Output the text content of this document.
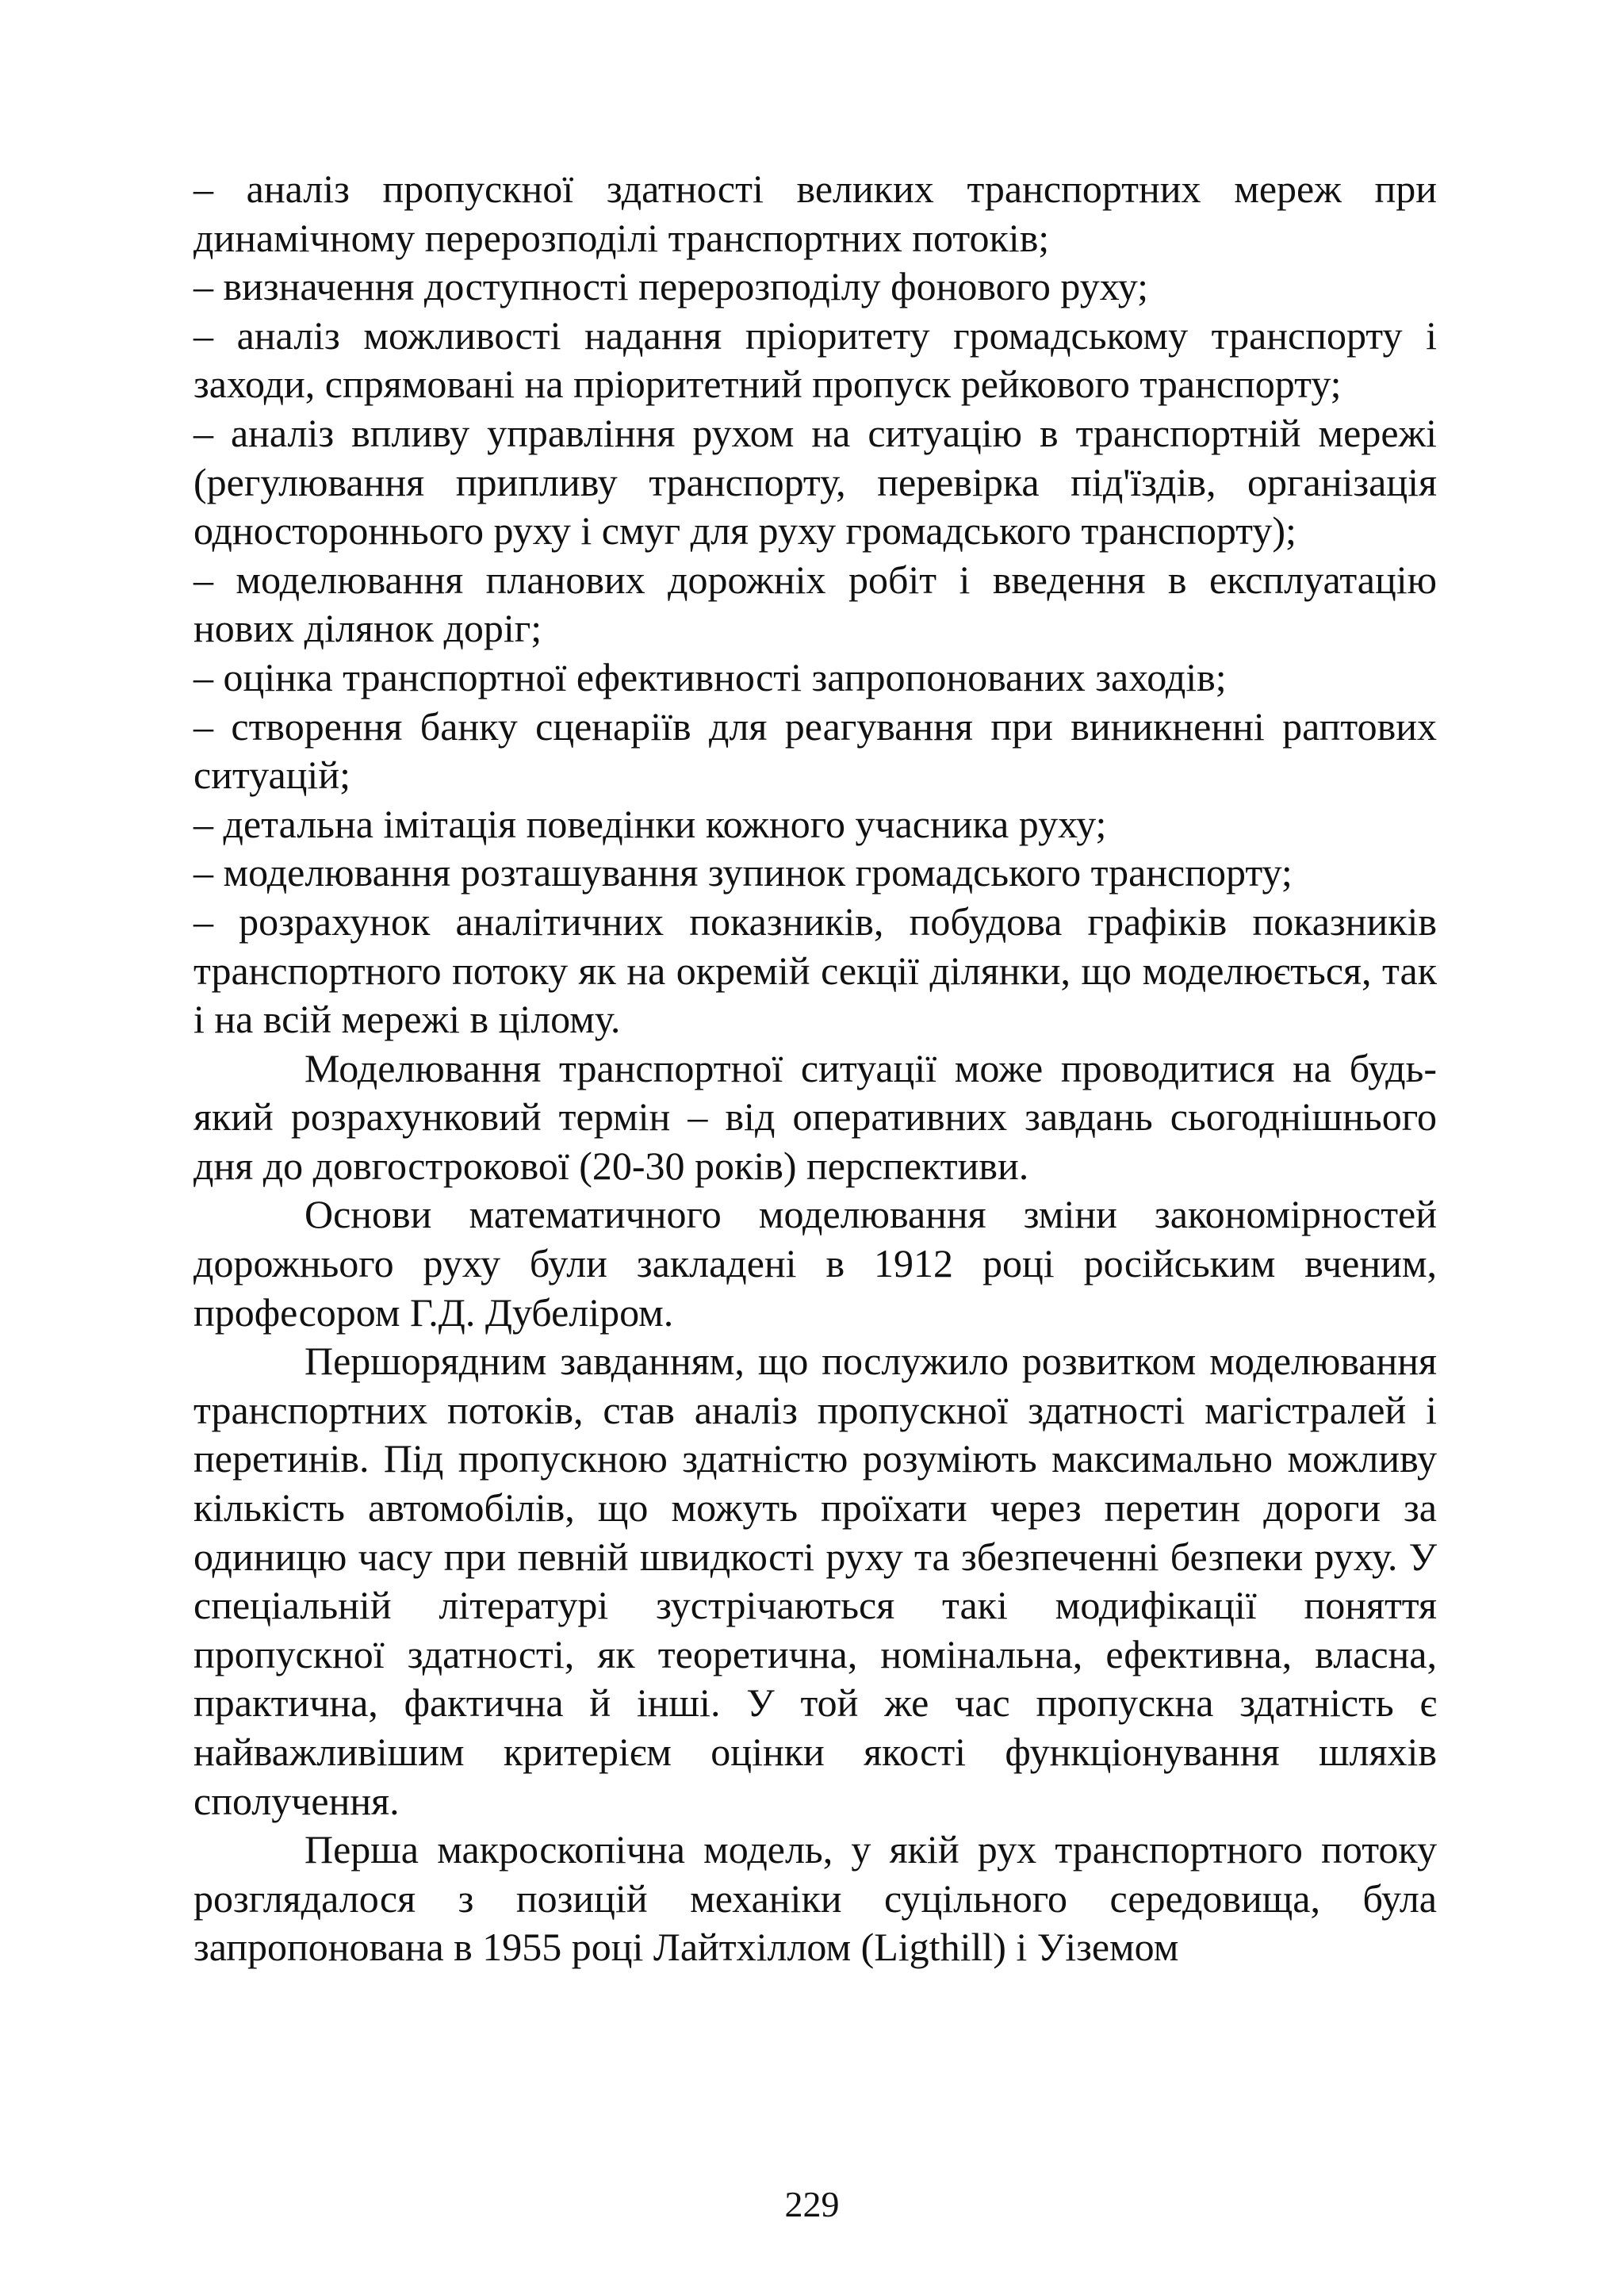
– аналіз пропускної здатності великих транспортних мереж при динамічному перерозподілі транспортних потоків;

– визначення доступності перерозподілу фонового руху;

– аналіз можливості надання пріоритету громадському транспорту і заходи, спрямовані на пріоритетний пропуск рейкового транспорту;

– аналіз впливу управління рухом на ситуацію в транспортній мережі (регулювання припливу транспорту, перевірка під'їздів, організація одностороннього руху і смуг для руху громадського транспорту);

– моделювання планових дорожніх робіт і введення в експлуатацію нових ділянок доріг;

– оцінка транспортної ефективності запропонованих заходів;

– створення банку сценаріїв для реагування при виникненні раптових ситуацій;

– детальна імітація поведінки кожного учасника руху;

– моделювання розташування зупинок громадського транспорту;

– розрахунок аналітичних показників, побудова графіків показників транспортного потоку як на окремій секції ділянки, що моделюється, так і на всій мережі в цілому.

Моделювання транспортної ситуації може проводитися на будь-який розрахунковий термін – від оперативних завдань сьогоднішнього дня до довгострокової (20-30 років) перспективи.

Основи математичного моделювання зміни закономірностей дорожнього руху були закладені в 1912 році російським вченим, професором Г.Д. Дубеліром.

Першорядним завданням, що послужило розвитком моделювання транспортних потоків, став аналіз пропускної здатності магістралей і перетинів. Під пропускною здатністю розуміють максимально можливу кількість автомобілів, що можуть проїхати через перетин дороги за одиницю часу при певній швидкості руху та збезпеченні безпеки руху. У спеціальній літературі зустрічаються такі модифікації поняття пропускної здатності, як теоретична, номінальна, ефективна, власна, практична, фактична й інші. У той же час пропускна здатність є найважливішим критерієм оцінки якості функціонування шляхів сполучення.

Перша макроскопічна модель, у якій рух транспортного потоку розглядалося з позицій механіки суцільного середовища, була запропонована в 1955 році Лайтхіллом (Ligthill) і Уіземом

229
